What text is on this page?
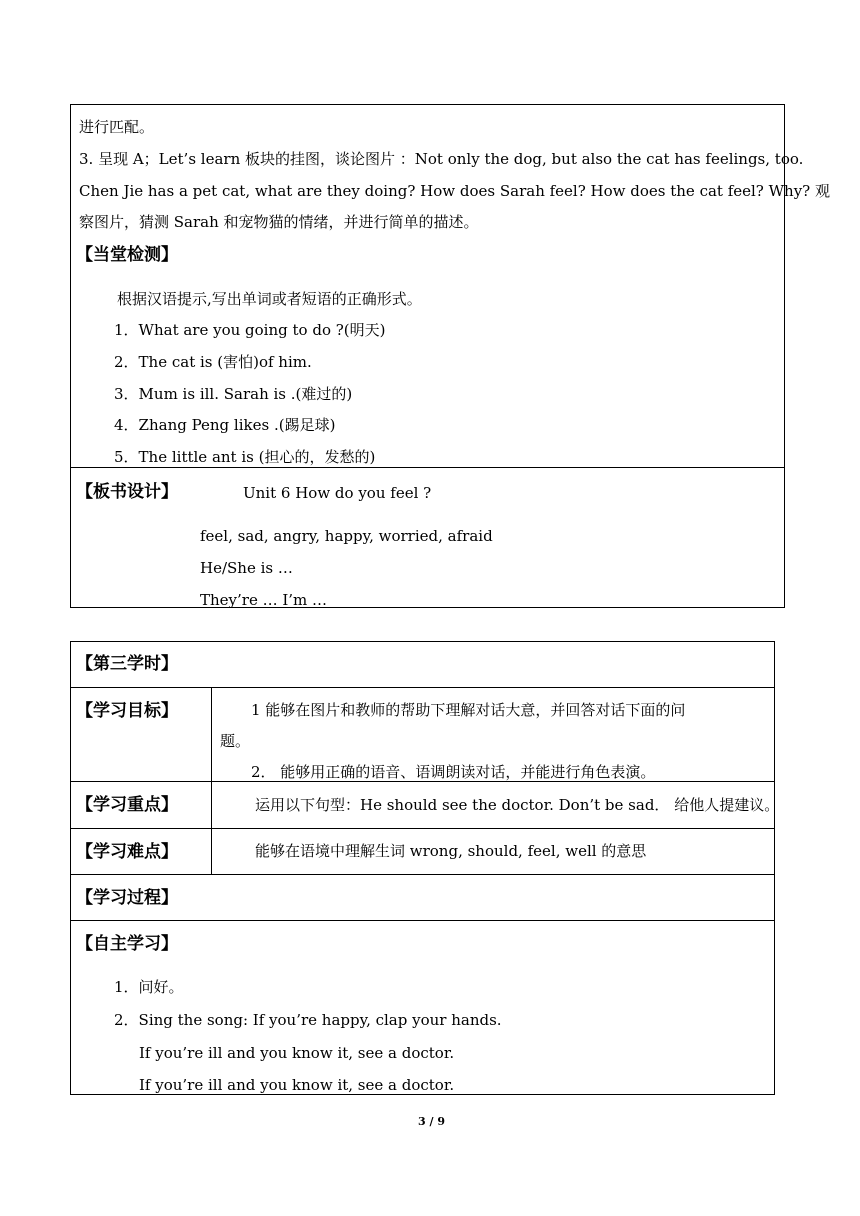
进行匹配。
3. 呈现 A；Let’s learn 板块的挂图，谈论图片 ：Not only the dog, but also the cat has feelings, too.
Chen Jie has a pet cat, what are they doing? How does Sarah feel? How does the cat feel? Why? 观
察图片，猜测 Sarah 和宠物猫的情绪，并进行简单的描述。
【当堂检测】
根据汉语提示,写出单词或者短语的正确形式。
1．What are you going to do ?(明天)
2．The cat is (害怕)of him.
3．Mum is ill. Sarah is .(难过的)
4．Zhang Peng likes .(踢足球)
5．The little ant is (担心的，发愁的)
【板书设计】	Unit 6 How do you feel ?
feel, sad, angry, happy, worried, afraid
He/She is …
They’re … I’m …
【第三学时】
【学习目标】	1 能够在图片和教师的帮助下理解对话大意，并回答对话下面的问
题。
2． 能够用正确的语音、语调朗读对话，并能进行角色表演。
【学习重点】	运用以下句型：He should see the doctor. Don’t be sad． 给他人提建议。
【学习难点】	能够在语境中理解生词 wrong, should, feel, well 的意思
【学习过程】
【自主学习】
1．问好。
2．Sing the song: If you’re happy, clap your hands.
If you’re ill and you know it, see a doctor.
If you’re ill and you know it, see a doctor.
3 / 9
